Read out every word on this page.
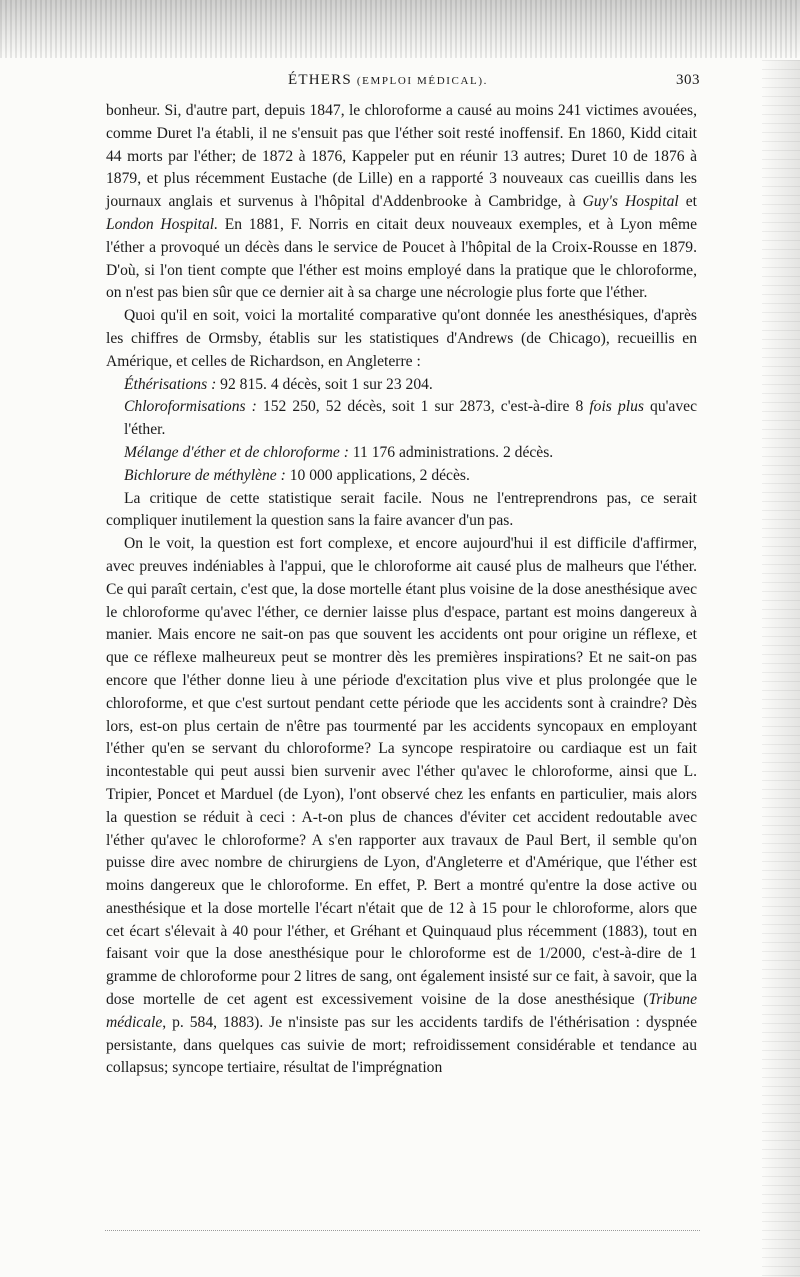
ÉTHERS (EMPLOI MÉDICAL).	303

bonheur. Si, d'autre part, depuis 1847, le chloroforme a causé au moins 241 victimes avouées, comme Duret l'a établi, il ne s'ensuit pas que l'éther soit resté inoffensif. En 1860, Kidd citait 44 morts par l'éther; de 1872 à 1876, Kappeler put en réunir 13 autres; Duret 10 de 1876 à 1879, et plus récemment Eustache (de Lille) en a rapporté 3 nouveaux cas cueillis dans les journaux anglais et survenus à l'hôpital d'Addenbrooke à Cambridge, à Guy's Hospital et London Hospital. En 1881, F. Norris en citait deux nouveaux exemples, et à Lyon même l'éther a provoqué un décès dans le service de Poucet à l'hôpital de la Croix-Rousse en 1879. D'où, si l'on tient compte que l'éther est moins employé dans la pratique que le chloroforme, on n'est pas bien sûr que ce dernier ait à sa charge une nécrologie plus forte que l'éther.

Quoi qu'il en soit, voici la mortalité comparative qu'ont donnée les anesthésiques, d'après les chiffres de Ormsby, établis sur les statistiques d'Andrews (de Chicago), recueillis en Amérique, et celles de Richardson, en Angleterre :

Éthérisations : 92 815. 4 décès, soit 1 sur 23 204.

Chloroformisations : 152 250, 52 décès, soit 1 sur 2873, c'est-à-dire 8 fois plus qu'avec l'éther.

Mélange d'éther et de chloroforme : 11 176 administrations. 2 décès.

Bichlorure de méthylène : 10 000 applications, 2 décès.

La critique de cette statistique serait facile. Nous ne l'entreprendrons pas, ce serait compliquer inutilement la question sans la faire avancer d'un pas.

On le voit, la question est fort complexe, et encore aujourd'hui il est difficile d'affirmer, avec preuves indéniables à l'appui, que le chloroforme ait causé plus de malheurs que l'éther. Ce qui paraît certain, c'est que, la dose mortelle étant plus voisine de la dose anesthésique avec le chloroforme qu'avec l'éther, ce dernier laisse plus d'espace, partant est moins dangereux à manier. Mais encore ne sait-on pas que souvent les accidents ont pour origine un réflexe, et que ce réflexe malheureux peut se montrer dès les premières inspirations? Et ne sait-on pas encore que l'éther donne lieu à une période d'excitation plus vive et plus prolongée que le chloroforme, et que c'est surtout pendant cette période que les accidents sont à craindre? Dès lors, est-on plus certain de n'être pas tourmenté par les accidents syncopaux en employant l'éther qu'en se servant du chloroforme? La syncope respiratoire ou cardiaque est un fait incontestable qui peut aussi bien survenir avec l'éther qu'avec le chloroforme, ainsi que L. Tripier, Poncet et Marduel (de Lyon), l'ont observé chez les enfants en particulier, mais alors la question se réduit à ceci : A-t-on plus de chances d'éviter cet accident redoutable avec l'éther qu'avec le chloroforme? A s'en rapporter aux travaux de Paul Bert, il semble qu'on puisse dire avec nombre de chirurgiens de Lyon, d'Angleterre et d'Amérique, que l'éther est moins dangereux que le chloroforme. En effet, P. Bert a montré qu'entre la dose active ou anesthésique et la dose mortelle l'écart n'était que de 12 à 15 pour le chloroforme, alors que cet écart s'élevait à 40 pour l'éther, et Gréhant et Quinquaud plus récemment (1883), tout en faisant voir que la dose anesthésique pour le chloroforme est de 1/2000, c'est-à-dire de 1 gramme de chloroforme pour 2 litres de sang, ont également insisté sur ce fait, à savoir, que la dose mortelle de cet agent est excessivement voisine de la dose anesthésique (Tribune médicale, p. 584, 1883). Je n'insiste pas sur les accidents tardifs de l'éthérisation : dyspnée persistante, dans quelques cas suivie de mort; refroidissement considérable et tendance au collapsus; syncope tertiaire, résultat de l'imprégnation
